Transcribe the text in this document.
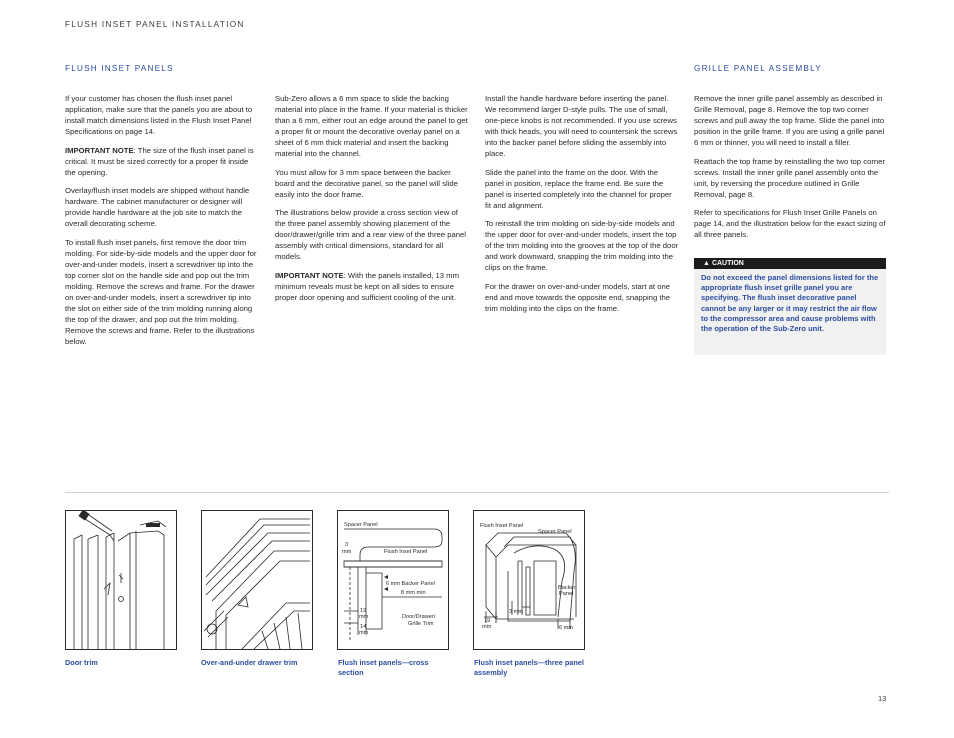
FLUSH INSET PANEL INSTALLATION
FLUSH INSET PANELS	GRILLE PANEL ASSEMBLY

If your customer has chosen the flush inset panel application, make sure that the panels you are about to install match dimensions listed in the Flush Inset Panel Specifications on page 14.

IMPORTANT NOTE: The size of the flush inset panel is critical. It must be sized correctly for a proper fit inside the opening.

Overlay/flush inset models are shipped without handle hardware. The cabinet manufacturer or designer will provide handle hardware at the job site to match the overall decorating scheme.

To install flush inset panels, first remove the door trim molding. For side-by-side models and the upper door for over-and-under models, insert a screwdriver tip into the top corner slot on the handle side and pop out the trim molding. Remove the screws and frame. For the drawer on over-and-under models, insert a screwdriver tip into the slot on either side of the trim molding running along the top of the drawer, and pop out the trim molding. Remove the screws and frame. Refer to the illustrations below.

Sub-Zero allows a 6 mm space to slide the backing material into place in the frame. If your material is thicker than a 6 mm, either rout an edge around the panel to get a proper fit or mount the decorative overlay panel on a sheet of 6 mm thick material and insert the backing material into the channel.

You must allow for 3 mm space between the backer board and the decorative panel, so the panel will slide easily into the door frame.

The illustrations below provide a cross section view of the three panel assembly showing placement of the door/drawer/grille trim and a rear view of the three panel assembly with critical dimensions, standard for all models.

IMPORTANT NOTE: With the panels installed, 13 mm minimum reveals must be kept on all sides to ensure proper door opening and sufficient cooling of the unit.

Install the handle hardware before inserting the panel. We recommend larger D-style pulls. The use of small, one-piece knobs is not recommended. If you use screws with thick heads, you will need to countersink the screws into the backer panel before sliding the assembly into place.

Slide the panel into the frame on the door. With the panel in position, replace the frame end. Be sure the panel is inserted completely into the channel for proper fit and alignment.

To reinstall the trim molding on side-by-side models and the upper door for over-and-under models, insert the top of the trim molding into the grooves at the top of the door and work downward, snapping the trim molding into the clips on the frame.

For the drawer on over-and-under models, start at one end and move towards the opposite end, snapping the trim molding into the clips on the frame.

Remove the inner grille panel assembly as described in Grille Removal, page 8. Remove the top two corner screws and pull away the top frame. Slide the panel into position in the grille frame. If you are using a grille panel 6 mm or thinner, you will need to install a filler.

Reattach the top frame by reinstalling the two top corner screws. Install the inner grille panel assembly onto the unit, by reversing the procedure outlined in Grille Removal, page 8.

Refer to specifications for Flush Inset Grille Panels on page 14, and the illustration below for the exact sizing of all three panels.

▲ CAUTION
Do not exceed the panel dimensions listed for the appropriate flush inset grille panel you are specifying. The flush inset decorative panel cannot be any larger or it may restrict the air flow to the compressor area and cause problems with the operation of the Sub-Zero unit.
Door trim	Over-and-under drawer trim
Spacer Panel
3
mm	Flush Inset Panel
6 mm Backer Panel
8 mm min
19
mm
14
mm
Door/Drawer/
Grille Trim
Flush inset panels—cross section
Flush Inset Panel
Spacer Panel
Backer
Panel
3 mm
19
mm	6 mm
Flush inset panels—three panel assembly
13
